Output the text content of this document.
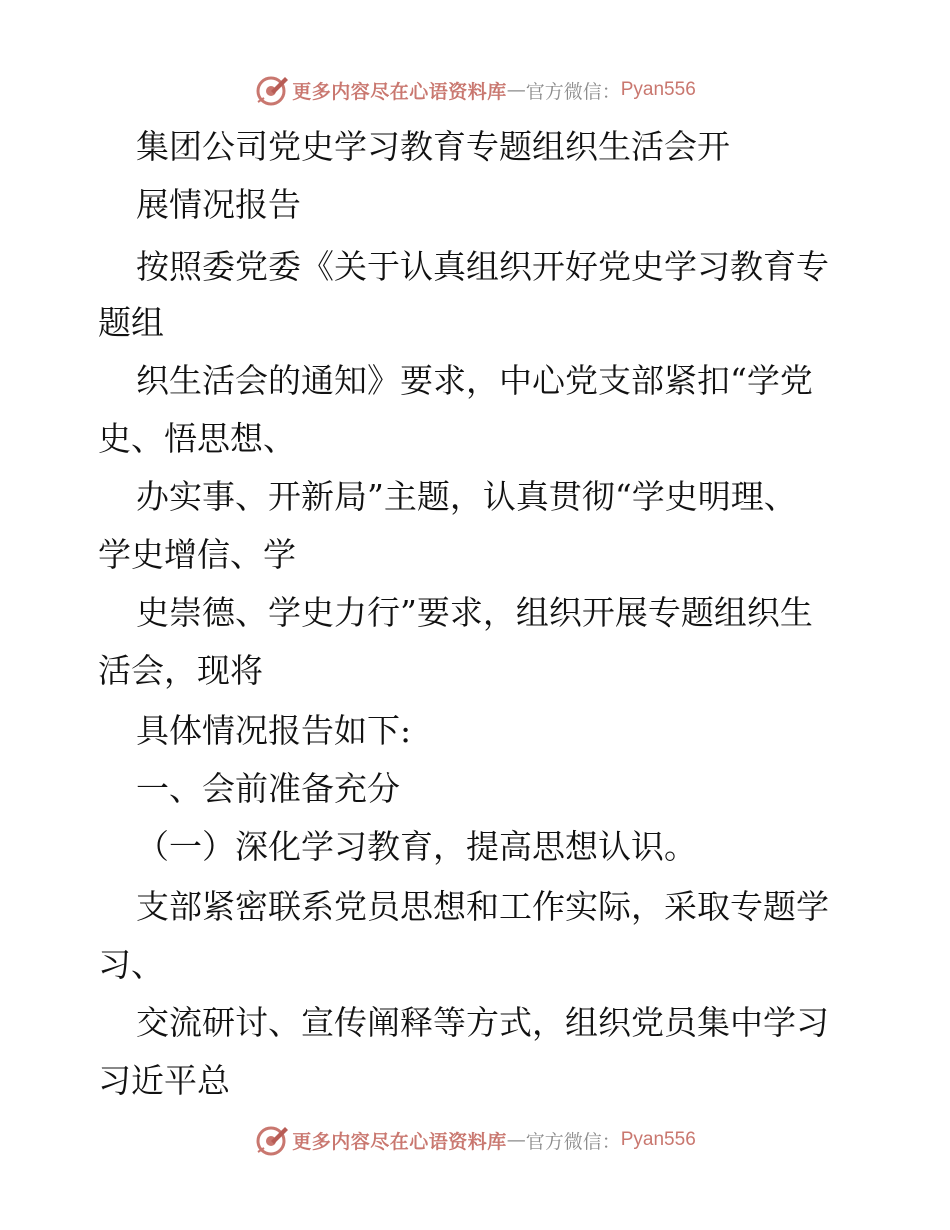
更多内容尽在心语资料库 — 官方微信： Pyan556
集团公司党史学习教育专题组织生活会开
展情况报告
按照委党委《关于认真组织开好党史学习教育专
题组
织生活会的通知》要求，中心党支部紧扣“学党
史、悟思想、
办实事、开新局”主题，认真贯彻“学史明理、
学史增信、学
史崇德、学史力行”要求，组织开展专题组织生
活会，现将
具体情况报告如下:
一、会前准备充分
（一）深化学习教育，提高思想认识。
支部紧密联系党员思想和工作实际，采取专题学
习、
交流研讨、宣传阐释等方式，组织党员集中学习
习近平总
更多内容尽在心语资料库 — 官方微信： Pyan556
